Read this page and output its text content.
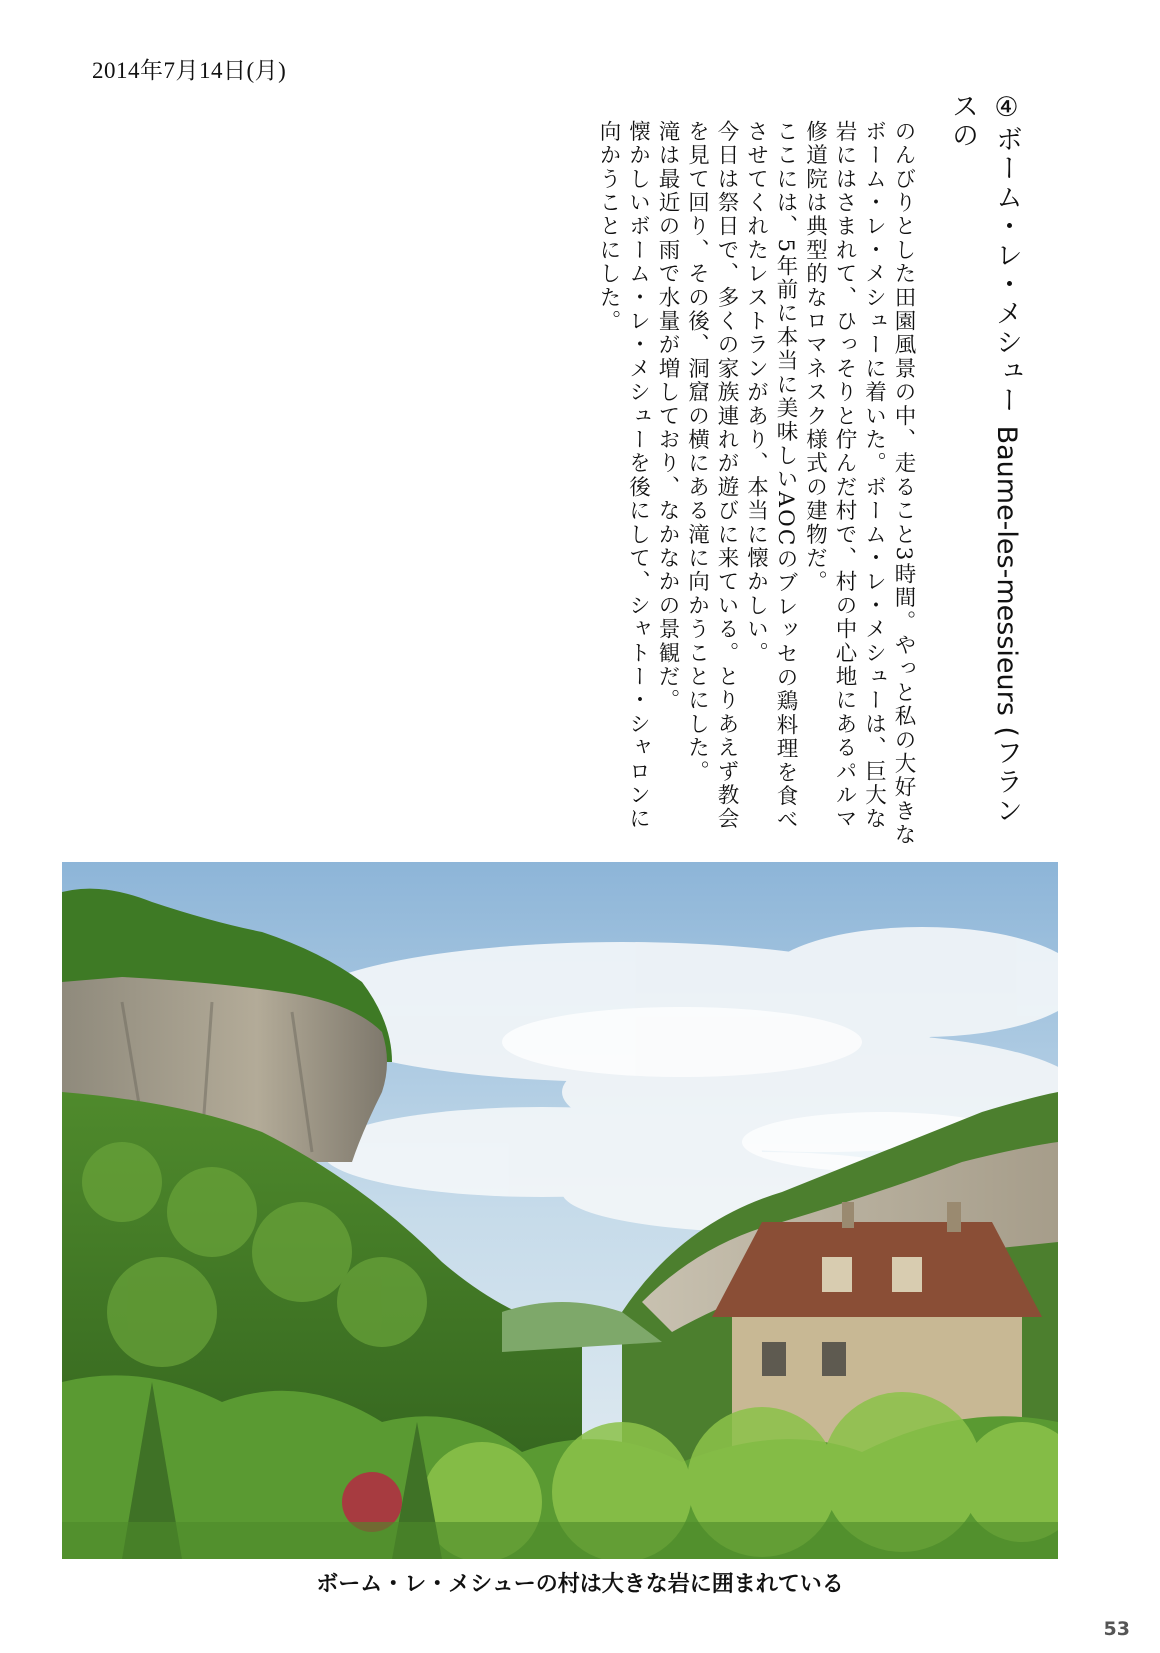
2014年7月14日(月)

④ボーム・レ・メシュー Baume-les-messieurs (フランスの

のんびりとした田園風景の中、走ること3時間。やっと私の大好きなボーム・レ・メシューに着いた。ボーム・レ・メシューは、巨大な岩にはさまれて、ひっそりと佇んだ村で、村の中心地にあるパルマ修道院は典型的なロマネスク様式の建物だ。

ここには、5年前に本当に美味しいAOCのブレッセの鶏料理を食べさせてくれたレストランがあり、本当に懐かしい。

今日は祭日で、多くの家族連れが遊びに来ている。とりあえず教会を見て回り、その後、洞窟の横にある滝に向かうことにした。

滝は最近の雨で水量が増しており、なかなかの景観だ。

懐かしいボーム・レ・メシューを後にして、シャトー・シャロンに向かうことにした。

ボーム・レ・メシューの村は大きな岩に囲まれている
53
